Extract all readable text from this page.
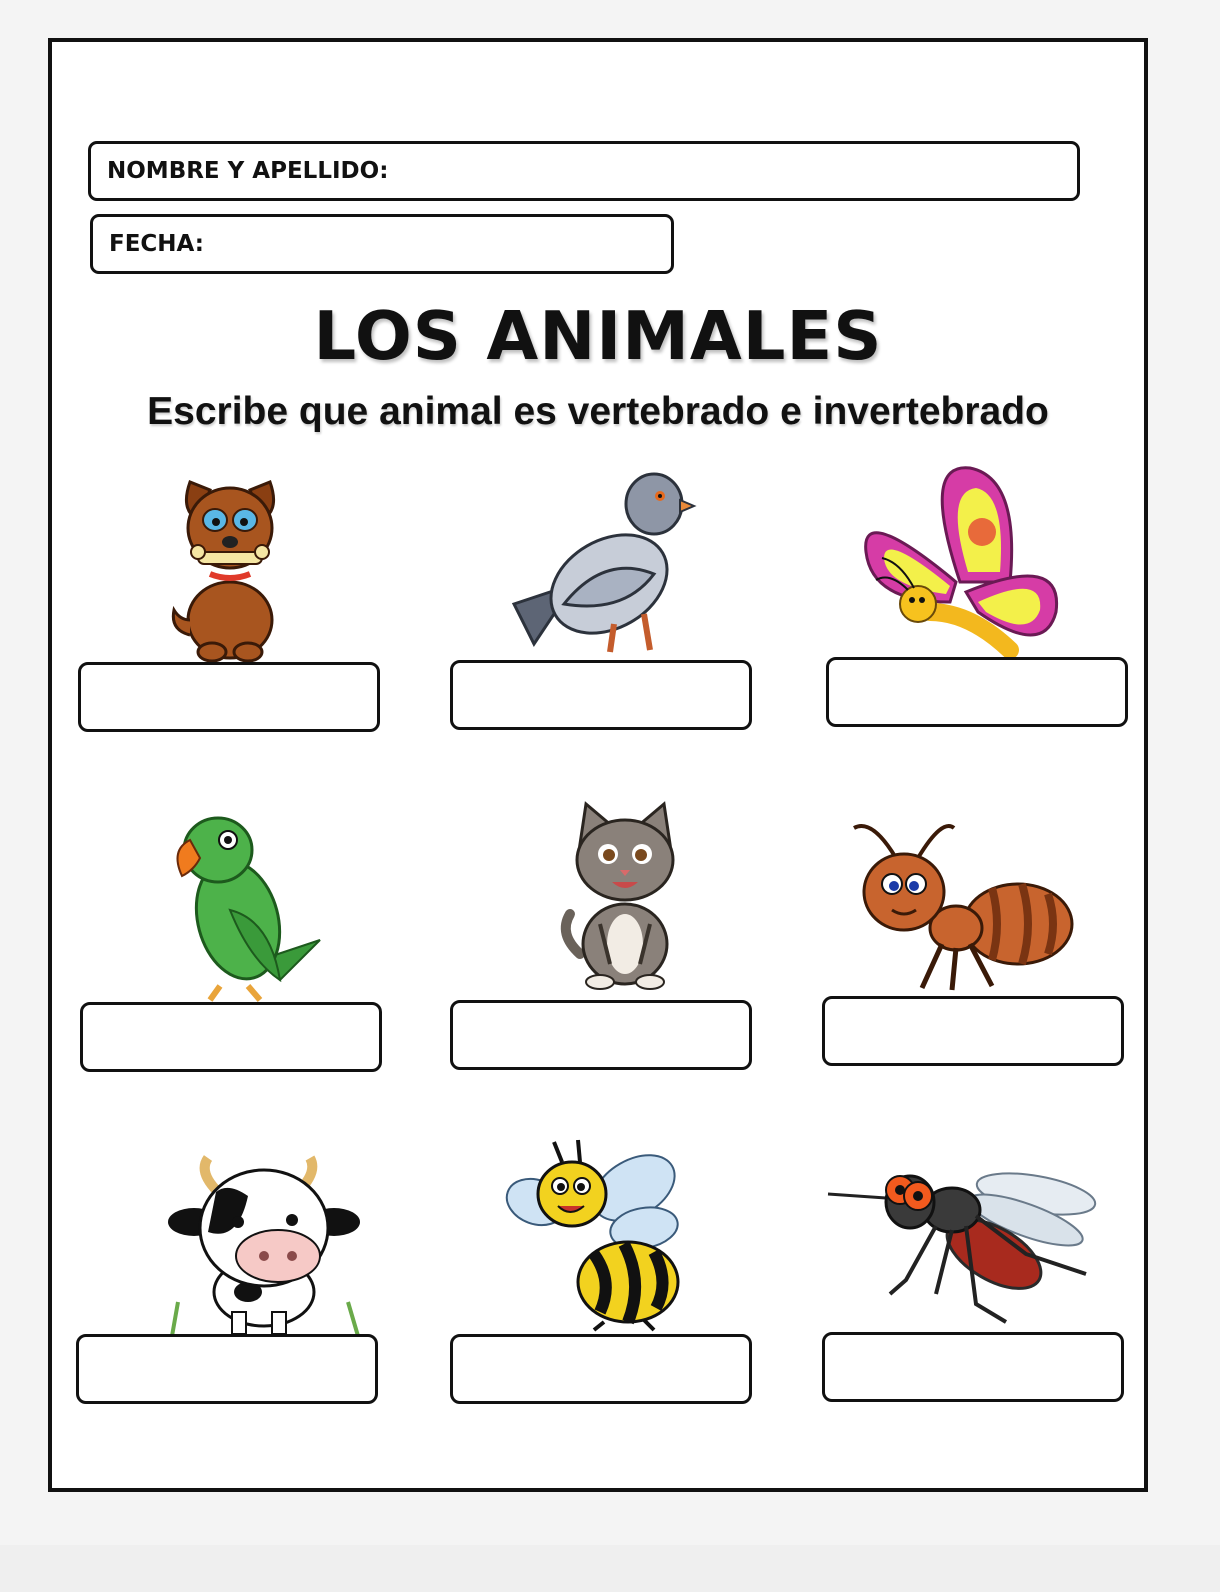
NOMBRE Y APELLIDO:
FECHA:
LOS ANIMALES
Escribe que animal es vertebrado e invertebrado
